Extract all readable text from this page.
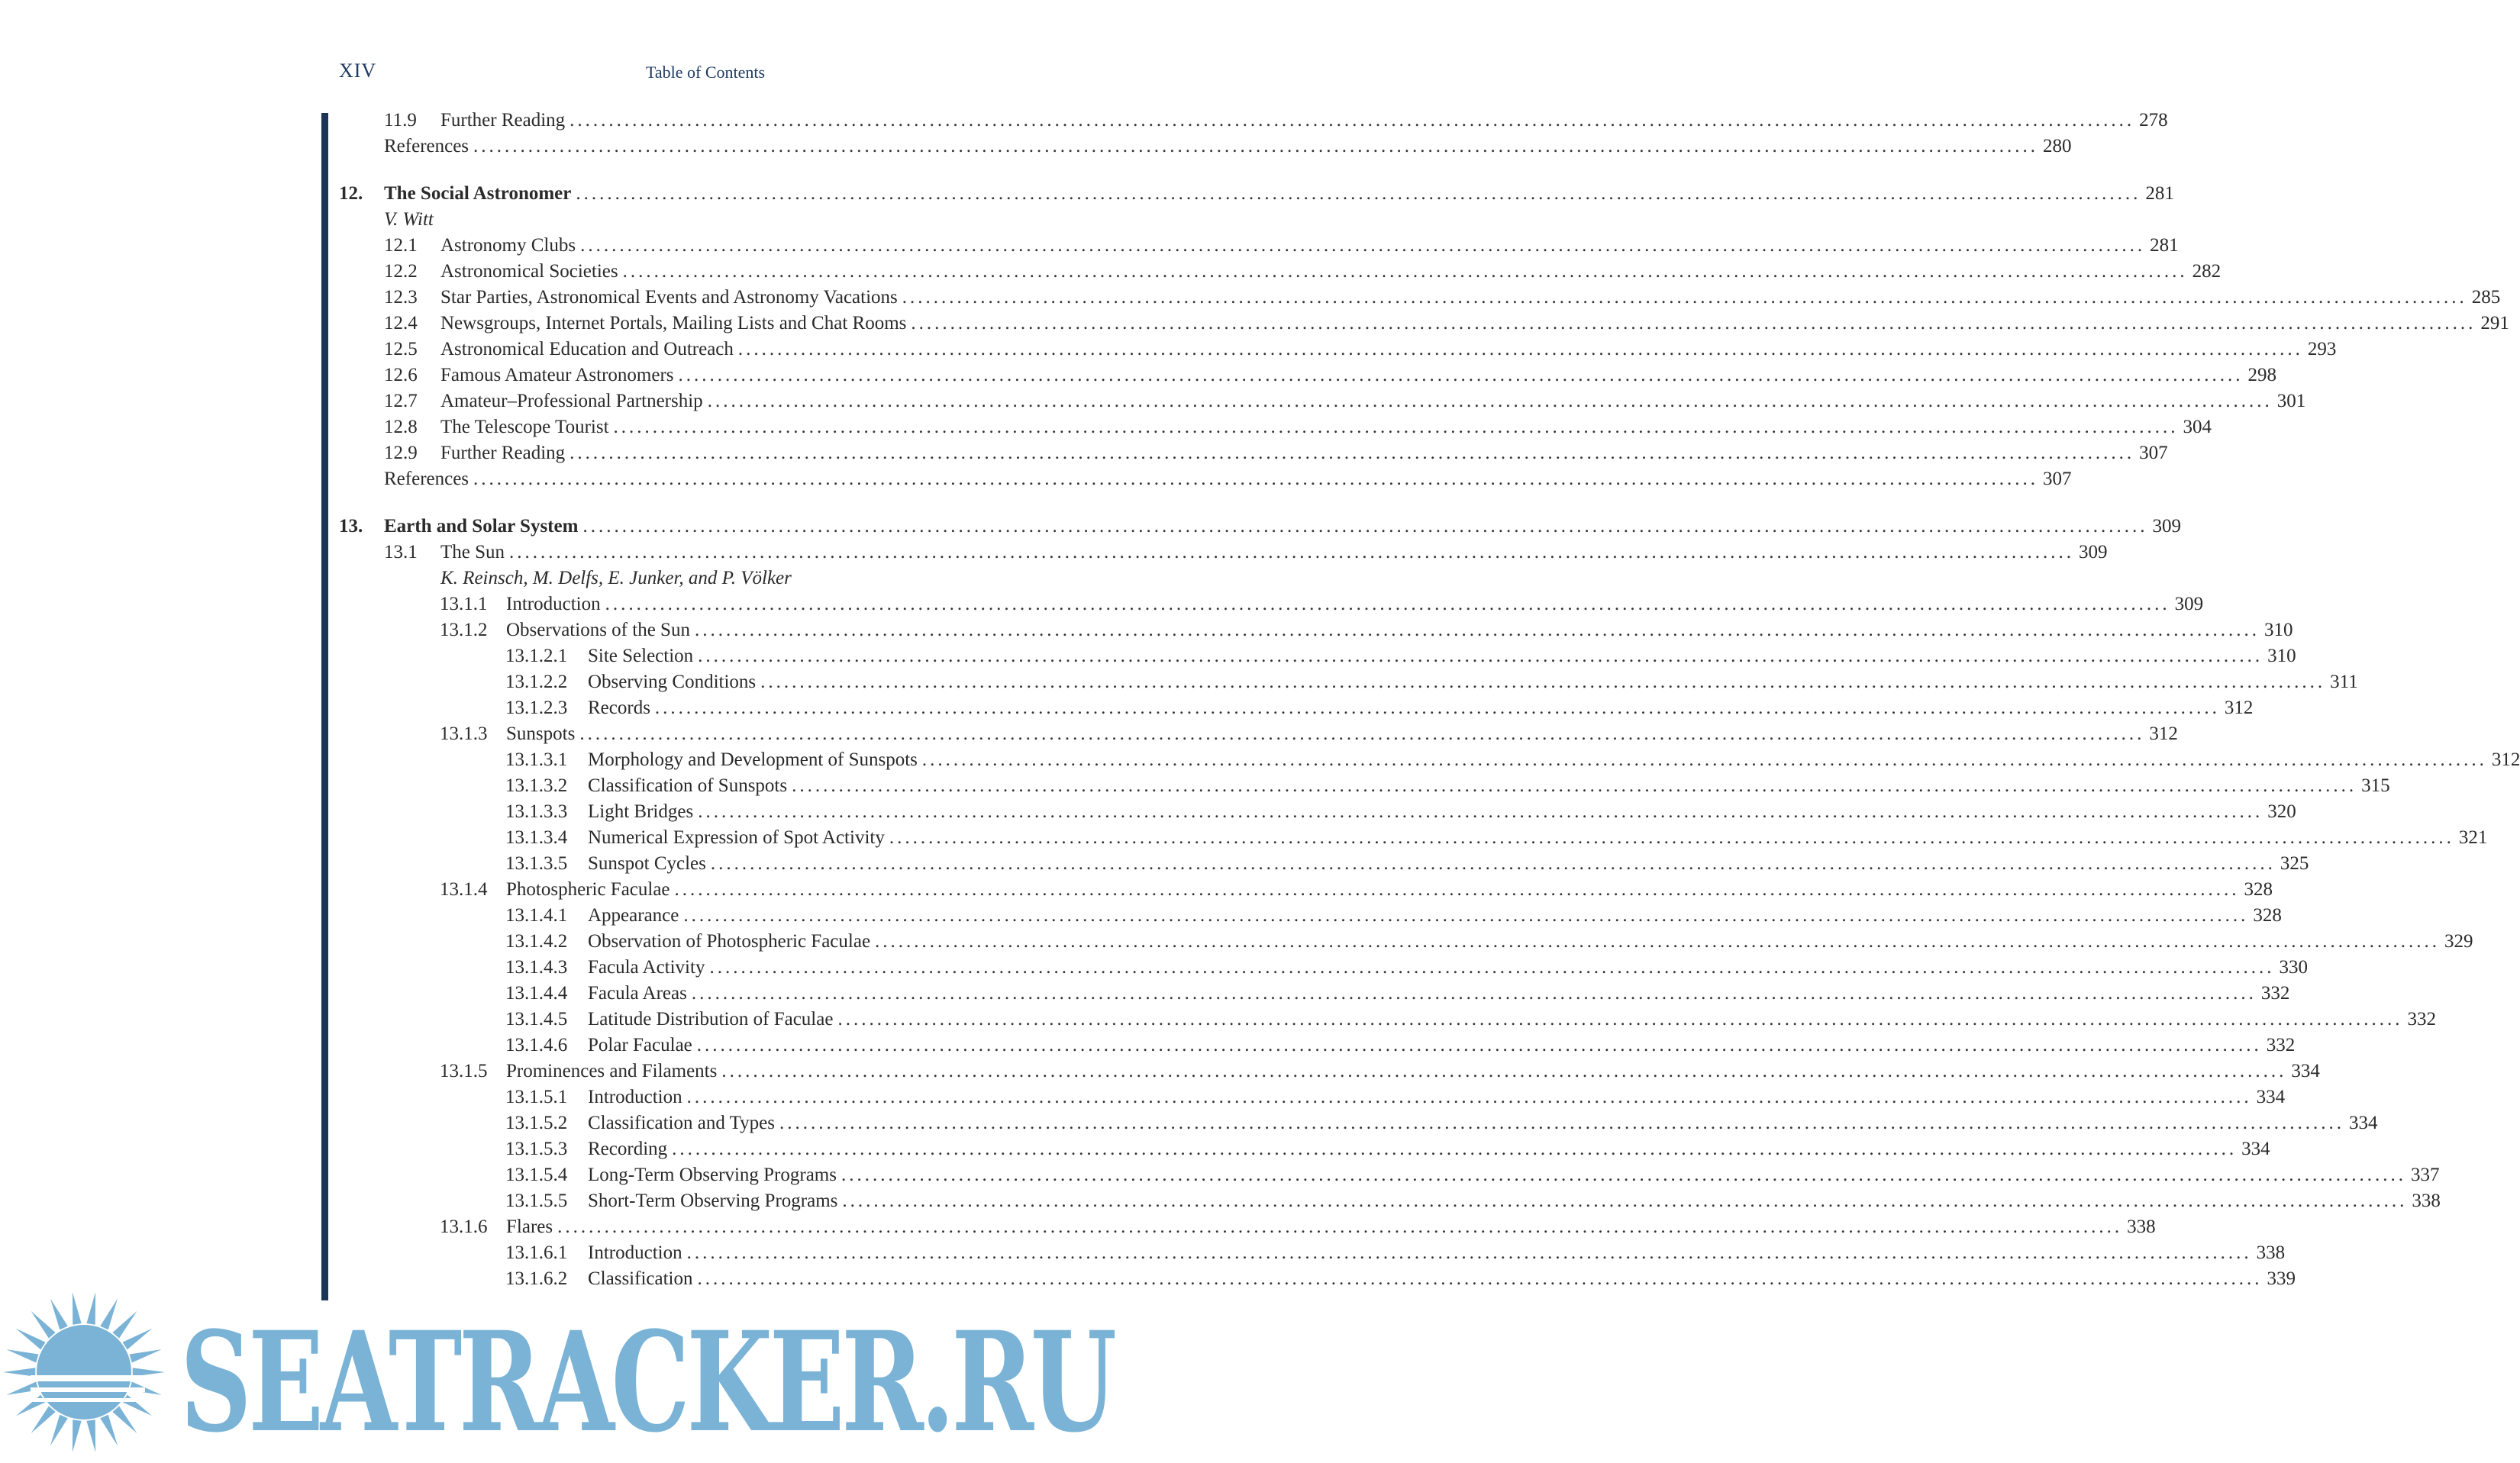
XIV	Table of Contents
11.9 Further Reading ........................................................................................................................................................................................................ 278
References ........................................................................................................................................................................................................ 280
12. The Social Astronomer ........................................................................................................................................................................................................ 281
V. Witt
12.1 Astronomy Clubs ........................................................................................................................................................................................................ 281
12.2 Astronomical Societies ........................................................................................................................................................................................................ 282
12.3 Star Parties, Astronomical Events and Astronomy Vacations ........................................................................................................................................................................................................ 285
12.4 Newsgroups, Internet Portals, Mailing Lists and Chat Rooms ........................................................................................................................................................................................................ 291
12.5 Astronomical Education and Outreach ........................................................................................................................................................................................................ 293
12.6 Famous Amateur Astronomers ........................................................................................................................................................................................................ 298
12.7 Amateur–Professional Partnership ........................................................................................................................................................................................................ 301
12.8 The Telescope Tourist ........................................................................................................................................................................................................ 304
12.9 Further Reading ........................................................................................................................................................................................................ 307
References ........................................................................................................................................................................................................ 307
13. Earth and Solar System ........................................................................................................................................................................................................ 309
13.1 The Sun ........................................................................................................................................................................................................ 309
K. Reinsch, M. Delfs, E. Junker, and P. Völker
13.1.1 Introduction ........................................................................................................................................................................................................ 309
13.1.2 Observations of the Sun ........................................................................................................................................................................................................ 310
13.1.2.1 Site Selection ........................................................................................................................................................................................................ 310
13.1.2.2 Observing Conditions ........................................................................................................................................................................................................ 311
13.1.2.3 Records ........................................................................................................................................................................................................ 312
13.1.3 Sunspots ........................................................................................................................................................................................................ 312
13.1.3.1 Morphology and Development of Sunspots ........................................................................................................................................................................................................ 312
13.1.3.2 Classification of Sunspots ........................................................................................................................................................................................................ 315
13.1.3.3 Light Bridges ........................................................................................................................................................................................................ 320
13.1.3.4 Numerical Expression of Spot Activity ........................................................................................................................................................................................................ 321
13.1.3.5 Sunspot Cycles ........................................................................................................................................................................................................ 325
13.1.4 Photospheric Faculae ........................................................................................................................................................................................................ 328
13.1.4.1 Appearance ........................................................................................................................................................................................................ 328
13.1.4.2 Observation of Photospheric Faculae ........................................................................................................................................................................................................ 329
13.1.4.3 Facula Activity ........................................................................................................................................................................................................ 330
13.1.4.4 Facula Areas ........................................................................................................................................................................................................ 332
13.1.4.5 Latitude Distribution of Faculae ........................................................................................................................................................................................................ 332
13.1.4.6 Polar Faculae ........................................................................................................................................................................................................ 332
13.1.5 Prominences and Filaments ........................................................................................................................................................................................................ 334
13.1.5.1 Introduction ........................................................................................................................................................................................................ 334
13.1.5.2 Classification and Types ........................................................................................................................................................................................................ 334
13.1.5.3 Recording ........................................................................................................................................................................................................ 334
13.1.5.4 Long-Term Observing Programs ........................................................................................................................................................................................................ 337
13.1.5.5 Short-Term Observing Programs ........................................................................................................................................................................................................ 338
13.1.6 Flares ........................................................................................................................................................................................................ 338
13.1.6.1 Introduction ........................................................................................................................................................................................................ 338
13.1.6.2 Classification ........................................................................................................................................................................................................ 339
SEATRACKER.RU
